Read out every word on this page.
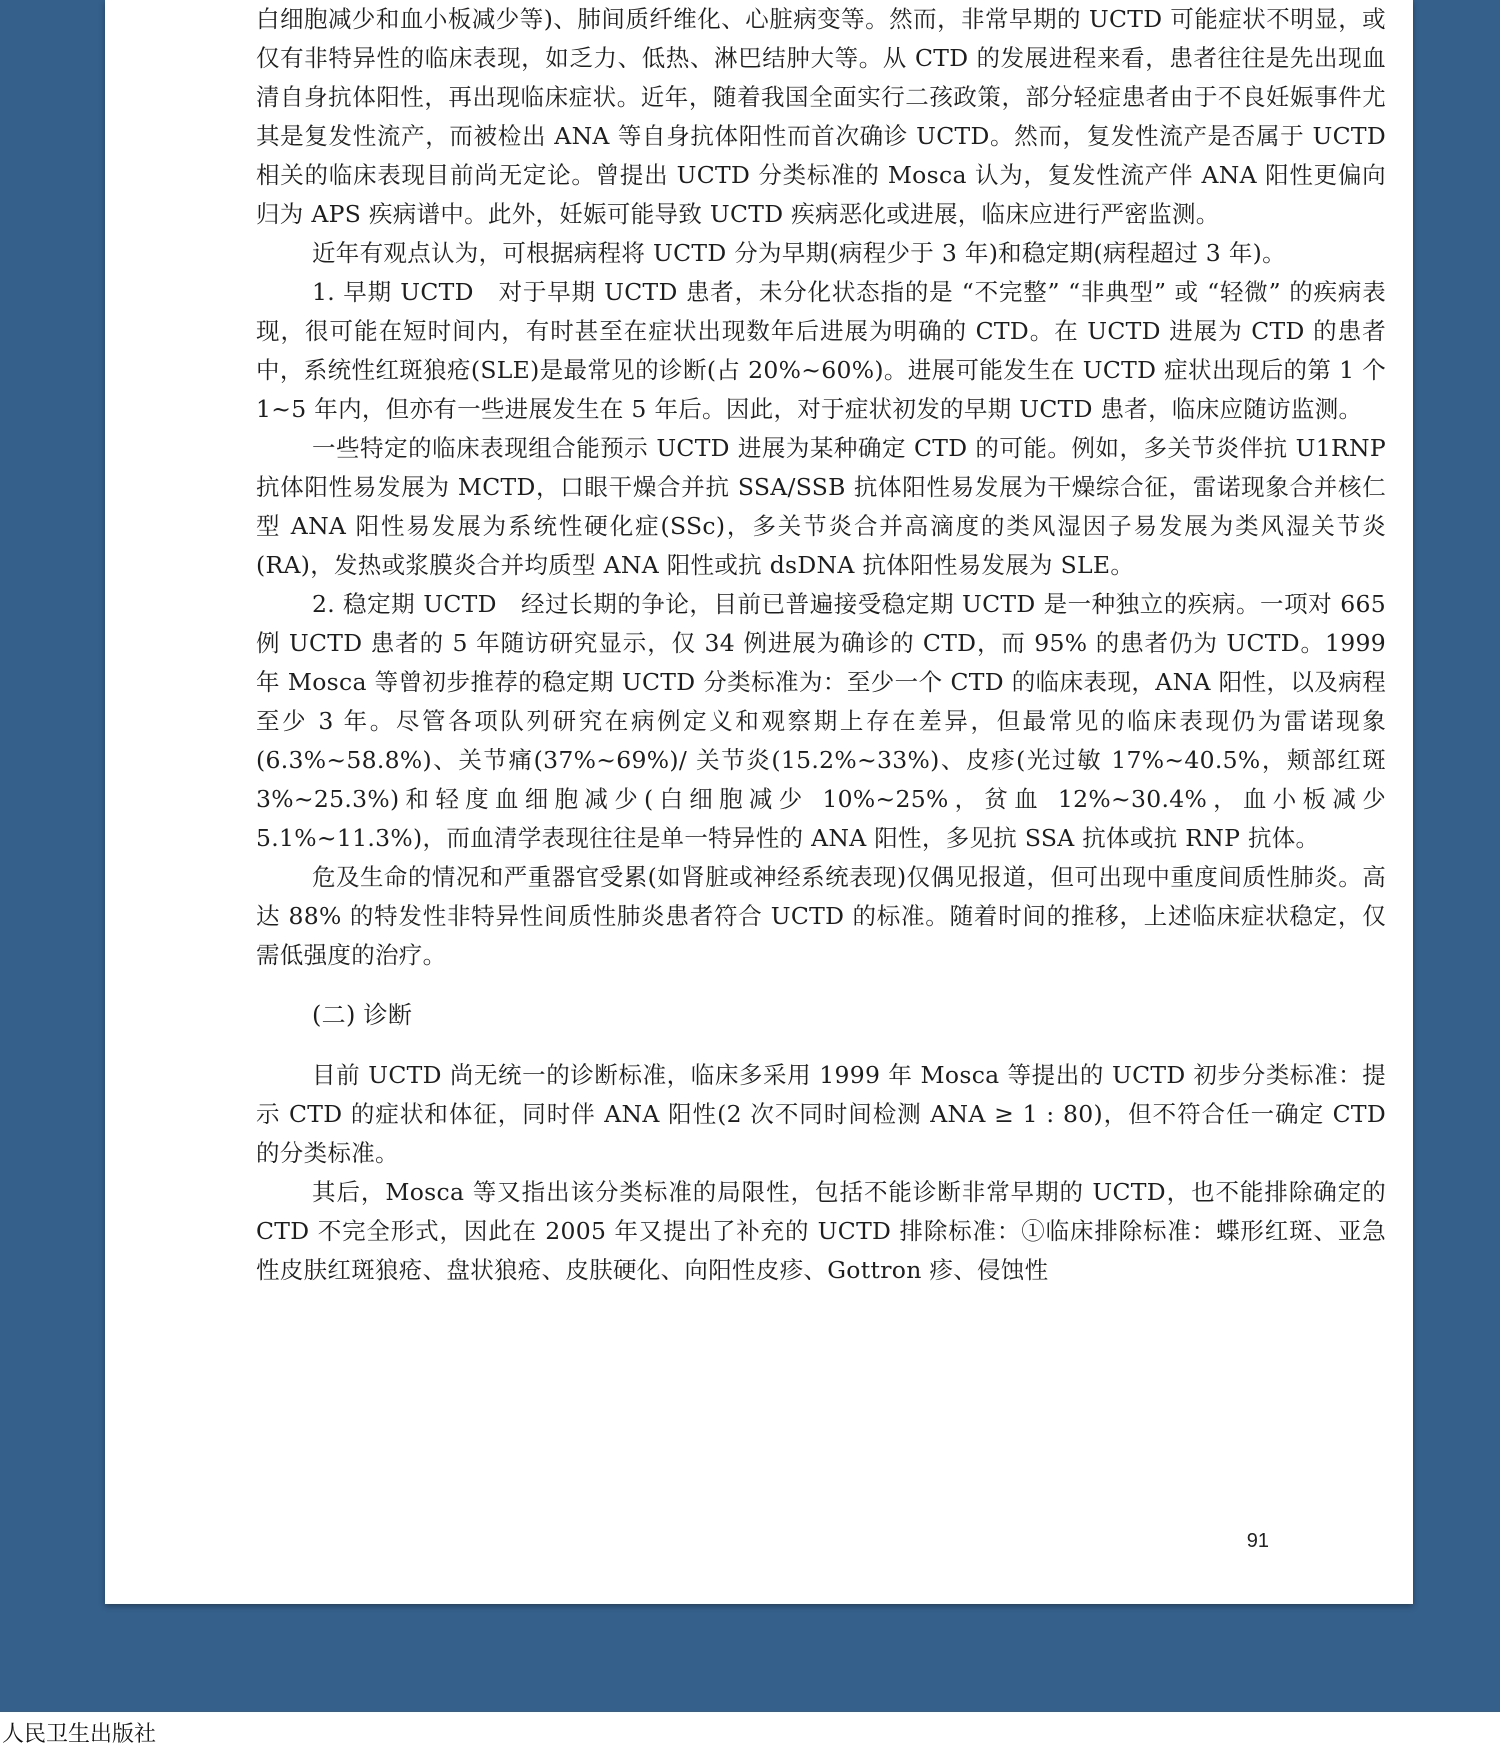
白细胞减少和血小板减少等)、肺间质纤维化、心脏病变等。然而，非常早期的 UCTD 可能症状不明显，或仅有非特异性的临床表现，如乏力、低热、淋巴结肿大等。从 CTD 的发展进程来看，患者往往是先出现血清自身抗体阳性，再出现临床症状。近年，随着我国全面实行二孩政策，部分轻症患者由于不良妊娠事件尤其是复发性流产，而被检出 ANA 等自身抗体阳性而首次确诊 UCTD。然而，复发性流产是否属于 UCTD 相关的临床表现目前尚无定论。曾提出 UCTD 分类标准的 Mosca 认为，复发性流产伴 ANA 阳性更偏向归为 APS 疾病谱中。此外，妊娠可能导致 UCTD 疾病恶化或进展，临床应进行严密监测。

近年有观点认为，可根据病程将 UCTD 分为早期(病程少于 3 年)和稳定期(病程超过 3 年)。

1. 早期 UCTD　对于早期 UCTD 患者，未分化状态指的是 “不完整” “非典型” 或 “轻微” 的疾病表现，很可能在短时间内，有时甚至在症状出现数年后进展为明确的 CTD。在 UCTD 进展为 CTD 的患者中，系统性红斑狼疮(SLE)是最常见的诊断(占 20%~60%)。进展可能发生在 UCTD 症状出现后的第 1 个 1~5 年内，但亦有一些进展发生在 5 年后。因此，对于症状初发的早期 UCTD 患者，临床应随访监测。

一些特定的临床表现组合能预示 UCTD 进展为某种确定 CTD 的可能。例如，多关节炎伴抗 U1RNP 抗体阳性易发展为 MCTD，口眼干燥合并抗 SSA/SSB 抗体阳性易发展为干燥综合征，雷诺现象合并核仁型 ANA 阳性易发展为系统性硬化症(SSc)，多关节炎合并高滴度的类风湿因子易发展为类风湿关节炎(RA)，发热或浆膜炎合并均质型 ANA 阳性或抗 dsDNA 抗体阳性易发展为 SLE。

2. 稳定期 UCTD　经过长期的争论，目前已普遍接受稳定期 UCTD 是一种独立的疾病。一项对 665 例 UCTD 患者的 5 年随访研究显示，仅 34 例进展为确诊的 CTD，而 95% 的患者仍为 UCTD。1999 年 Mosca 等曾初步推荐的稳定期 UCTD 分类标准为：至少一个 CTD 的临床表现，ANA 阳性，以及病程至少 3 年。尽管各项队列研究在病例定义和观察期上存在差异，但最常见的临床表现仍为雷诺现象(6.3%~58.8%)、关节痛(37%~69%)/ 关节炎(15.2%~33%)、皮疹(光过敏 17%~40.5%，颊部红斑 3%~25.3%)和轻度血细胞减少(白细胞减少 10%~25%，贫血 12%~30.4%，血小板减少 5.1%~11.3%)，而血清学表现往往是单一特异性的 ANA 阳性，多见抗 SSA 抗体或抗 RNP 抗体。

危及生命的情况和严重器官受累(如肾脏或神经系统表现)仅偶见报道，但可出现中重度间质性肺炎。高达 88% 的特发性非特异性间质性肺炎患者符合 UCTD 的标准。随着时间的推移，上述临床症状稳定，仅需低强度的治疗。

(二) 诊断

目前 UCTD 尚无统一的诊断标准，临床多采用 1999 年 Mosca 等提出的 UCTD 初步分类标准：提示 CTD 的症状和体征，同时伴 ANA 阳性(2 次不同时间检测 ANA ≥ 1 : 80)，但不符合任一确定 CTD 的分类标准。

其后，Mosca 等又指出该分类标准的局限性，包括不能诊断非常早期的 UCTD，也不能排除确定的 CTD 不完全形式，因此在 2005 年又提出了补充的 UCTD 排除标准：①临床排除标准：蝶形红斑、亚急性皮肤红斑狼疮、盘状狼疮、皮肤硬化、向阳性皮疹、Gottron 疹、侵蚀性

91
人民卫生出版社
